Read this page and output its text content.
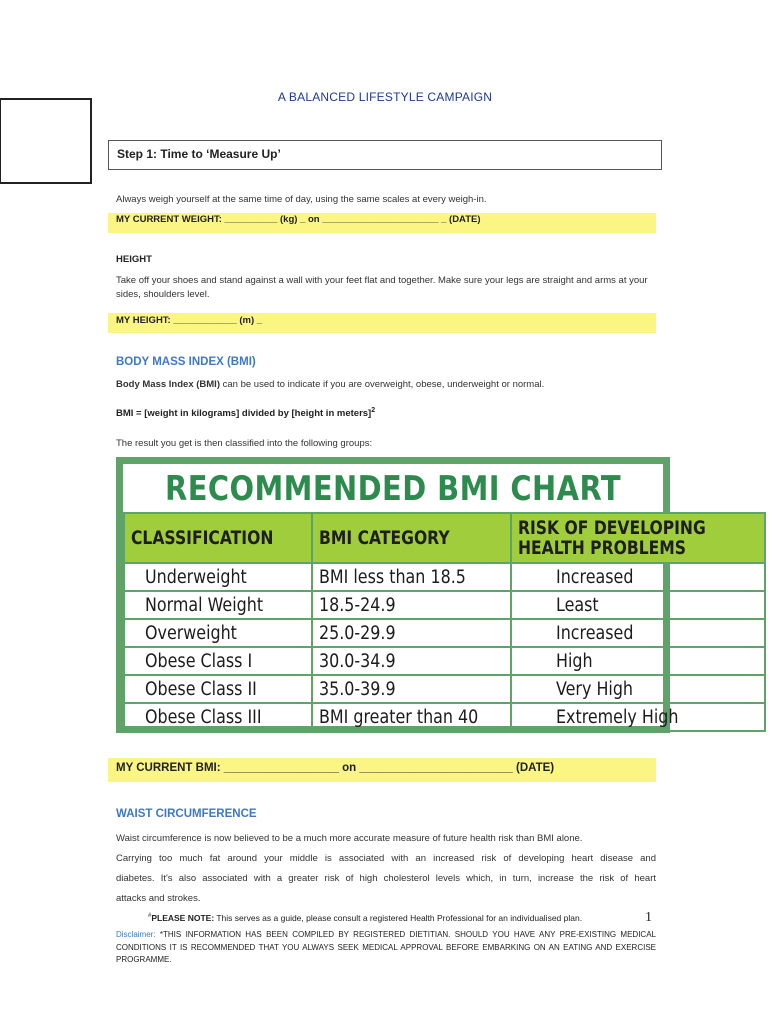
A BALANCED LIFESTYLE CAMPAIGN
Step 1: Time to ‘Measure Up’
Always weigh yourself at the same time of day, using the same scales at every weigh-in.
MY CURRENT WEIGHT: __________ (kg) _ on ______________________ _ (DATE)
HEIGHT
Take off your shoes and stand against a wall with your feet flat and together. Make sure your legs are straight and arms at your sides, shoulders level.
MY HEIGHT: ____________ (m) _
BODY MASS INDEX (BMI)
Body Mass Index (BMI) can be used to indicate if you are overweight, obese, underweight or normal.
BMI = [weight in kilograms] divided by [height in meters]$^2$
The result you get is then classified into the following groups:
RECOMMENDED BMI CHART
CLASSIFICATION	BMI CATEGORY	RISK OF DEVELOPING HEALTH PROBLEMS
Underweight	BMI less than 18.5	Increased
Normal Weight	18.5-24.9	Least
Overweight	25.0-29.9	Increased
Obese Class I	30.0-34.9	High
Obese Class II	35.0-39.9	Very High
Obese Class III	BMI greater than 40	Extremely High
MY CURRENT BMI: __________________ on ________________________ (DATE)
WAIST CIRCUMFERENCE
Waist circumference is now believed to be a much more accurate measure of future health risk than BMI alone.
Carrying too much fat around your middle is associated with an increased risk of developing heart disease and
diabetes. It's also associated with a greater risk of high cholesterol levels which, in turn, increase the risk of heart
attacks and strokes.
#PLEASE NOTE: This serves as a guide, please consult a registered Health Professional for an individualised plan.	1
Disclaimer: *THIS INFORMATION HAS BEEN COMPILED BY REGISTERED DIETITIAN. SHOULD YOU HAVE ANY PRE-EXISTING MEDICAL CONDITIONS IT IS RECOMMENDED THAT YOU ALWAYS SEEK MEDICAL APPROVAL BEFORE EMBARKING ON AN EATING AND EXERCISE PROGRAMME.
